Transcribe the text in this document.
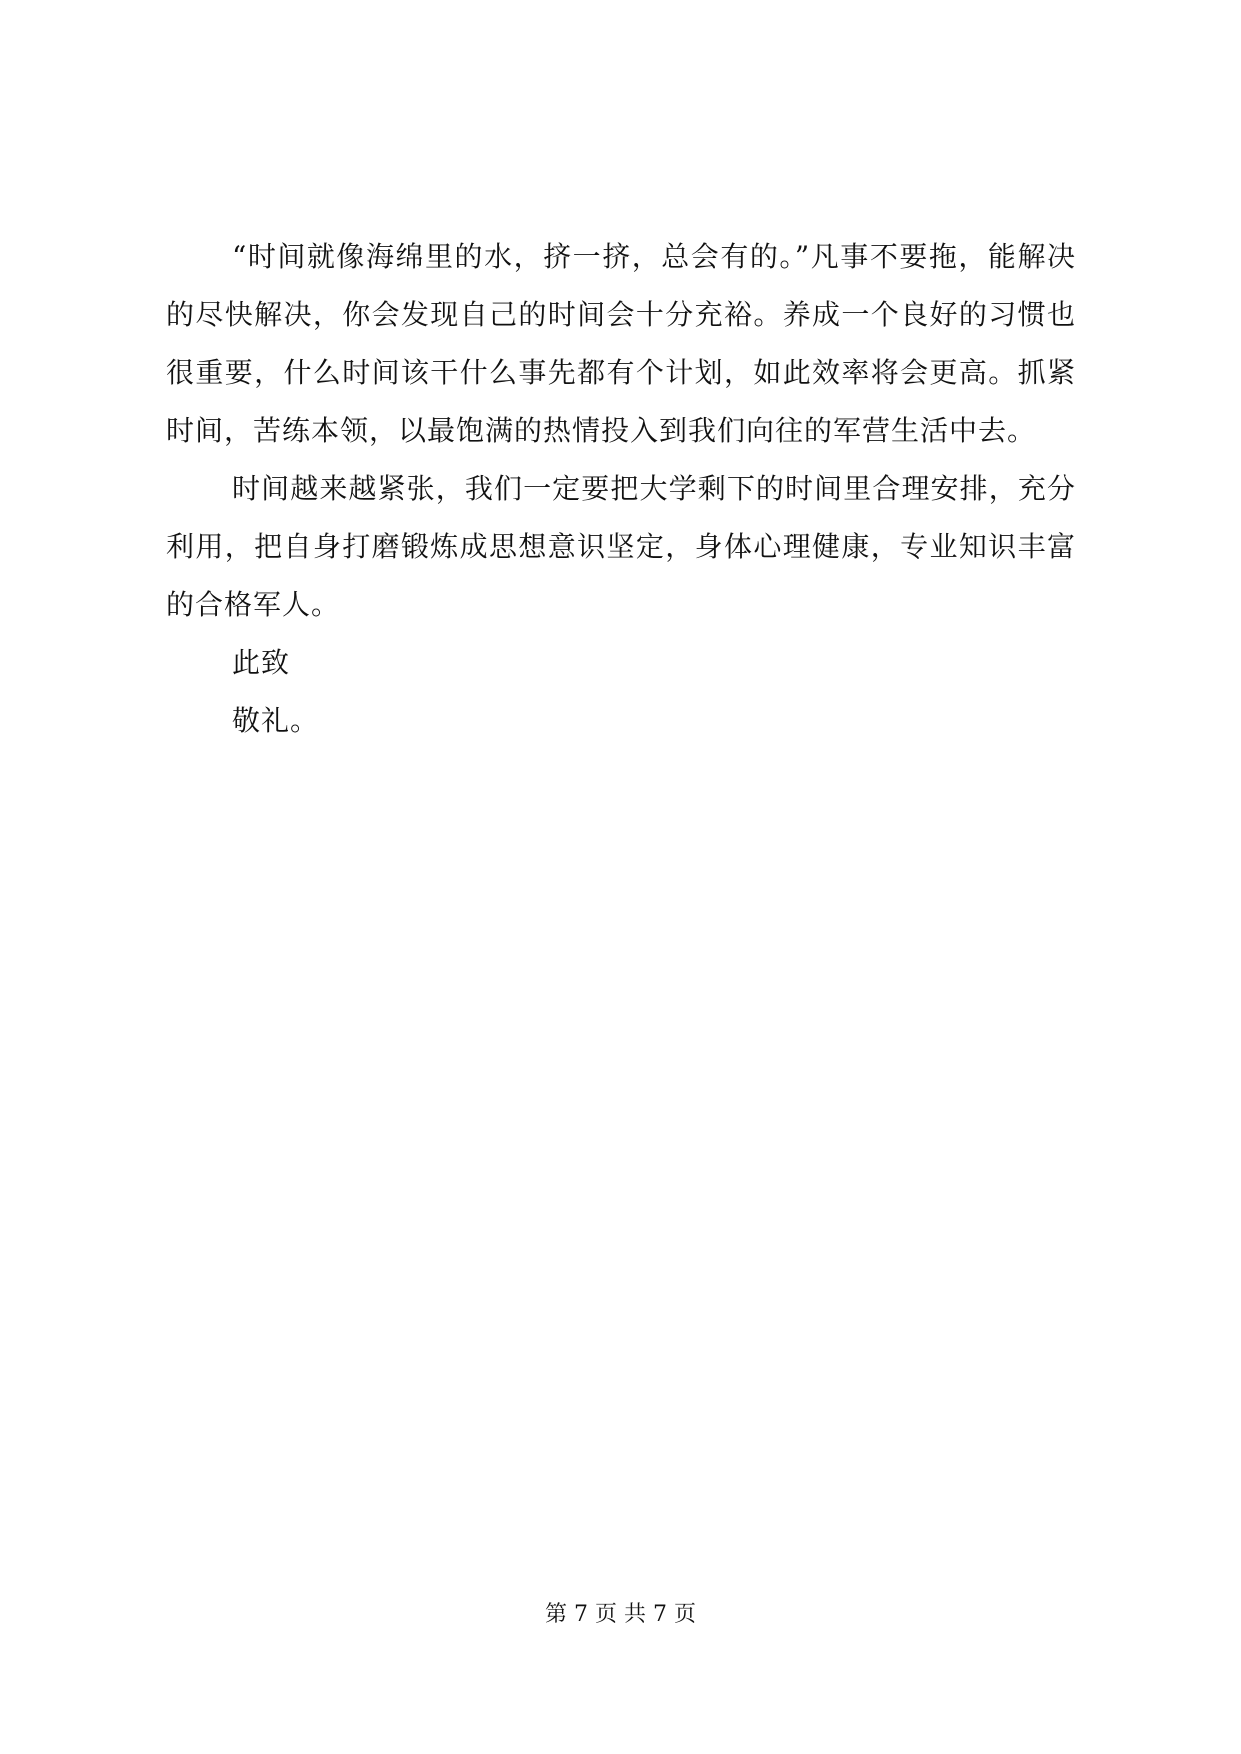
“时间就像海绵里的水，挤一挤，总会有的。”凡事不要拖，能解决的尽快解决，你会发现自己的时间会十分充裕。养成一个良好的习惯也很重要，什么时间该干什么事先都有个计划，如此效率将会更高。抓紧时间，苦练本领，以最饱满的热情投入到我们向往的军营生活中去。

时间越来越紧张，我们一定要把大学剩下的时间里合理安排，充分利用，把自身打磨锻炼成思想意识坚定，身体心理健康，专业知识丰富的合格军人。

此致

敬礼。

第 7 页 共 7 页
